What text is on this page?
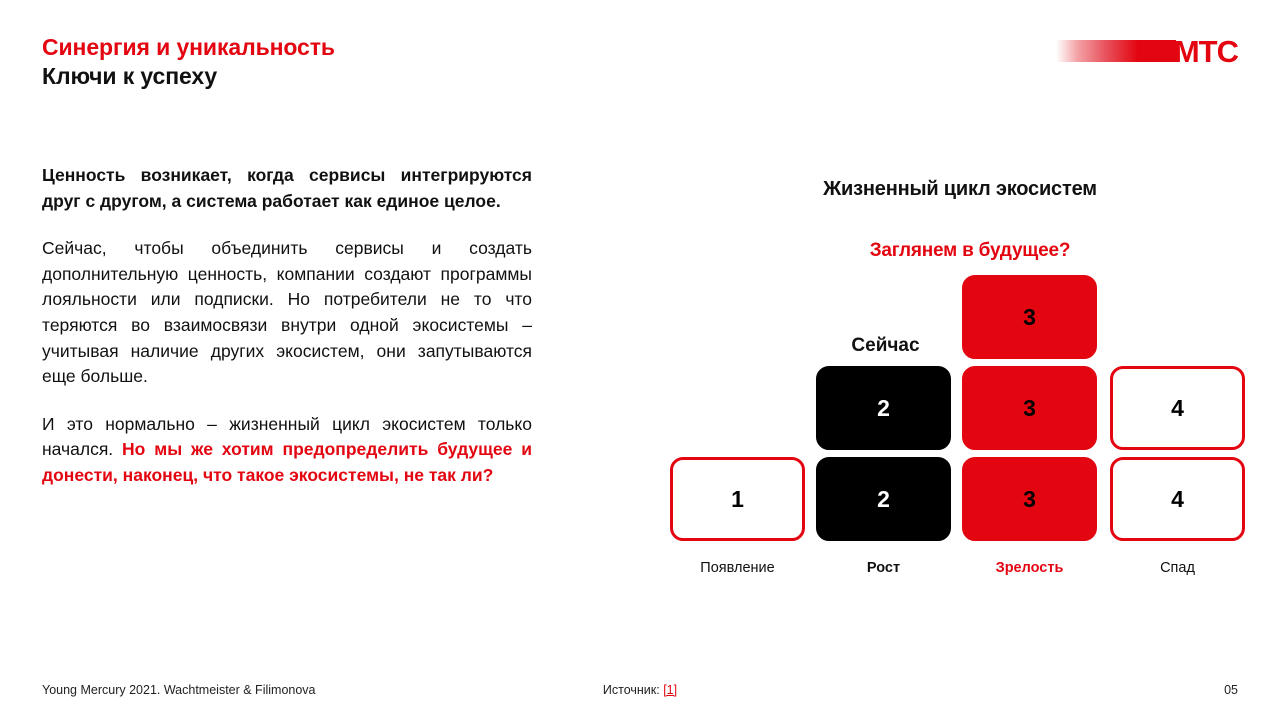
Синергия и уникальность
Ключи к успеху
МТС

Ценность возникает, когда сервисы интегрируются друг с другом, а система работает как единое целое.

Сейчас, чтобы объединить сервисы и создать дополнительную ценность, компании создают программы лояльности или подписки. Но потребители не то что теряются во взаимосвязи внутри одной экосистемы – учитывая наличие других экосистем, они запутываются еще больше.

И это нормально – жизненный цикл экосистем только начался. Но мы же хотим предопределить будущее и донести, наконец, что такое экосистемы, не так ли?

Жизненный цикл экосистем
Заглянем в будущее?
Сейчас
3
2	3	4
1	2	3	4
Появление	Рост	Зрелость	Спад
Young Mercury 2021. Wachtmeister & Filimonova	Источник: [1]	05
